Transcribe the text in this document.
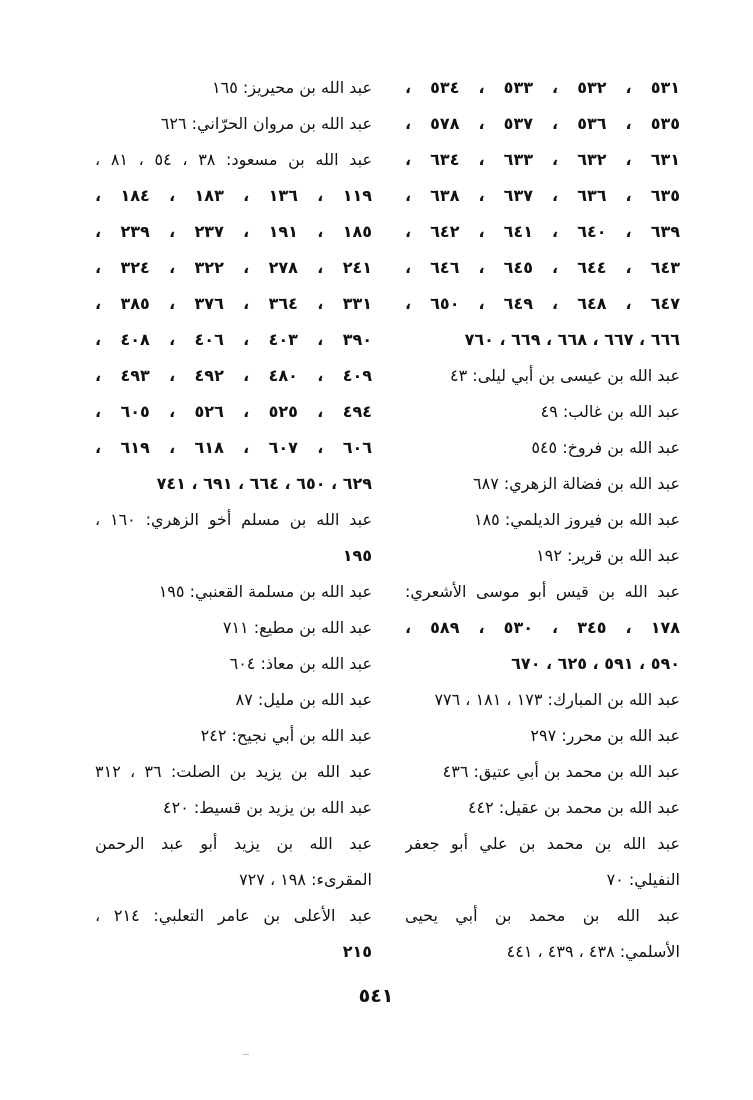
٥٣١ ، ٥٣٢ ، ٥٣٣ ، ٥٣٤ ،
٥٣٥ ، ٥٣٦ ، ٥٣٧ ، ٥٧٨ ،
٦٣١ ، ٦٣٢ ، ٦٣٣ ، ٦٣٤ ،
٦٣٥ ، ٦٣٦ ، ٦٣٧ ، ٦٣٨ ،
٦٣٩ ، ٦٤٠ ، ٦٤١ ، ٦٤٢ ،
٦٤٣ ، ٦٤٤ ، ٦٤٥ ، ٦٤٦ ،
٦٤٧ ، ٦٤٨ ، ٦٤٩ ، ٦٥٠ ،
٦٦٦ ، ٦٦٧ ، ٦٦٨ ، ٦٦٩ ، ٧٦٠
عبد الله بن عيسى بن أبي ليلى: ٤٣
عبد الله بن غالب: ٤٩
عبد الله بن فروخ: ٥٤٥
عبد الله بن فضالة الزهري: ٦٨٧
عبد الله بن فيروز الديلمي: ١٨٥
عبد الله بن قرير: ١٩٢
عبد الله بن قيس أبو موسى الأشعري:
١٧٨ ، ٣٤٥ ، ٥٣٠ ، ٥٨٩ ،
٥٩٠ ، ٥٩١ ، ٦٢٥ ، ٦٧٠
عبد الله بن المبارك: ١٧٣ ، ١٨١ ، ٧٧٦
عبد الله بن محرر: ٢٩٧
عبد الله بن محمد بن أبي عتيق: ٤٣٦
عبد الله بن محمد بن عقيل: ٤٤٢
عبد الله بن محمد بن علي أبو جعفر
النفيلي: ٧٠
عبد الله بن محمد بن أبي يحيى
الأسلمي: ٤٣٨ ، ٤٣٩ ، ٤٤١
عبد الله بن محيريز: ١٦٥
عبد الله بن مروان الحرّاني: ٦٢٦
عبد الله بن مسعود: ٣٨ ، ٥٤ ، ٨١ ،
١١٩ ، ١٣٦ ، ١٨٣ ، ١٨٤ ،
١٨٥ ، ١٩١ ، ٢٣٧ ، ٢٣٩ ،
٢٤١ ، ٢٧٨ ، ٣٢٢ ، ٣٢٤ ،
٣٣١ ، ٣٦٤ ، ٣٧٦ ، ٣٨٥ ،
٣٩٠ ، ٤٠٣ ، ٤٠٦ ، ٤٠٨ ،
٤٠٩ ، ٤٨٠ ، ٤٩٢ ، ٤٩٣ ،
٤٩٤ ، ٥٢٥ ، ٥٢٦ ، ٦٠٥ ،
٦٠٦ ، ٦٠٧ ، ٦١٨ ، ٦١٩ ،
٦٢٩ ، ٦٥٠ ، ٦٦٤ ، ٦٩١ ، ٧٤١
عبد الله بن مسلم أخو الزهري: ١٦٠ ،
١٩٥
عبد الله بن مسلمة القعنبي: ١٩٥
عبد الله بن مطيع: ٧١١
عبد الله بن معاذ: ٦٠٤
عبد الله بن مليل: ٨٧
عبد الله بن أبي نجيح: ٢٤٢
عبد الله بن يزيد بن الصلت: ٣٦ ، ٣١٢
عبد الله بن يزيد بن قسيط: ٤٢٠
عبد الله بن يزيد أبو عبد الرحمن
المقرىء: ١٩٨ ، ٧٢٧
عبد الأعلى بن عامر التعلبي: ٢١٤ ،
٢١٥
٥٤١
